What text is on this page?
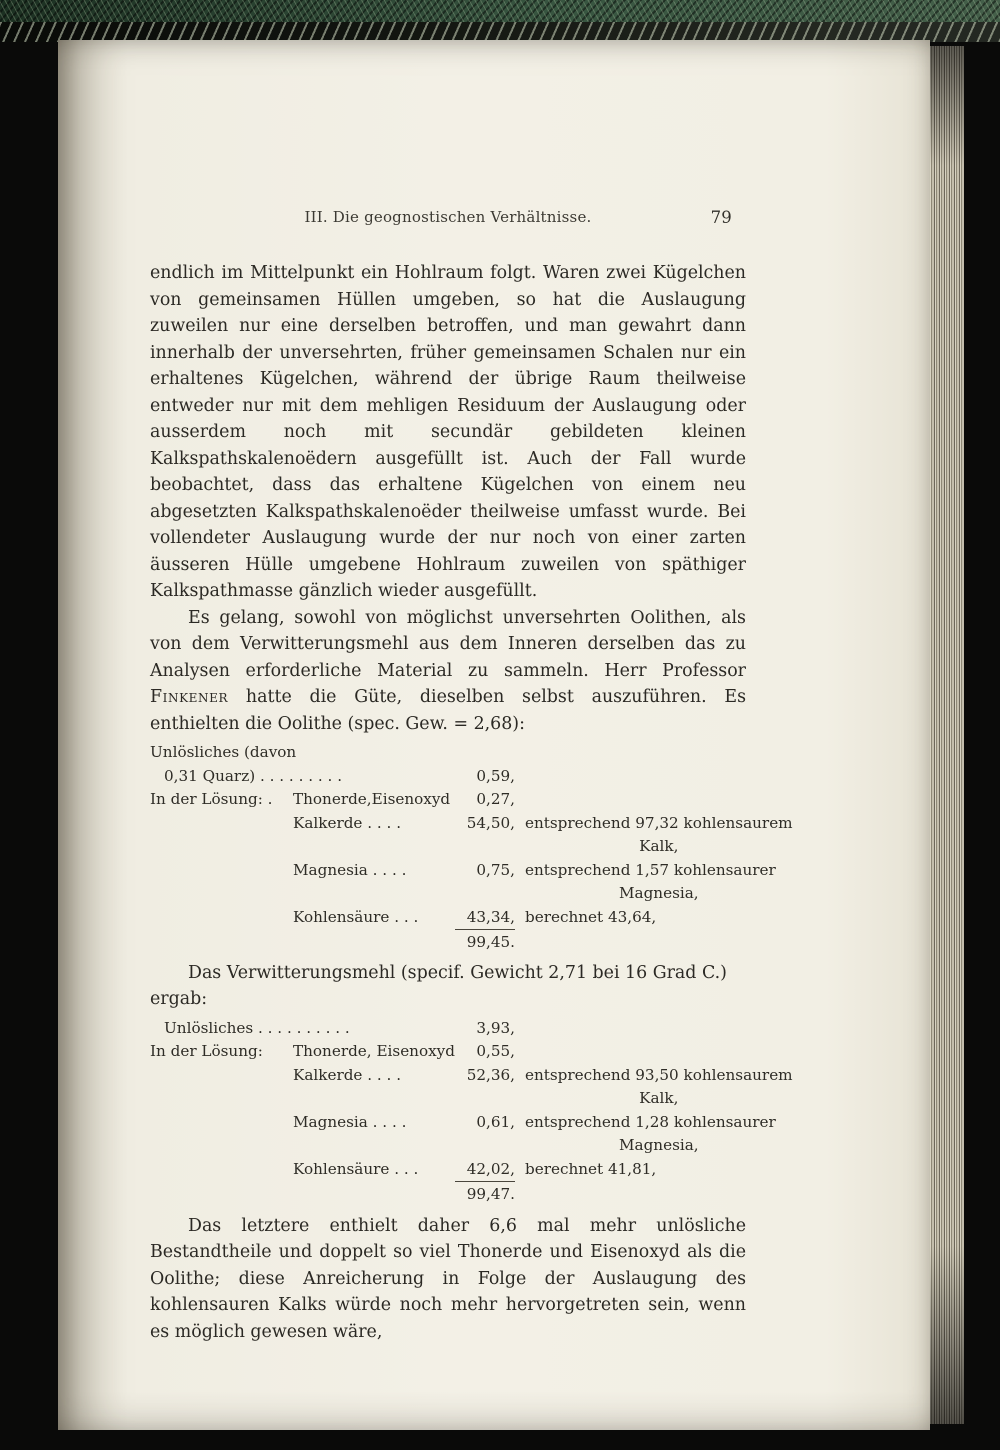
III. Die geognostischen Verhältnisse.	79

endlich im Mittelpunkt ein Hohlraum folgt. Waren zwei Kügelchen von gemeinsamen Hüllen umgeben, so hat die Auslaugung zuweilen nur eine derselben betroffen, und man gewahrt dann innerhalb der unversehrten, früher gemeinsamen Schalen nur ein erhaltenes Kügelchen, während der übrige Raum theilweise entweder nur mit dem mehligen Residuum der Auslaugung oder ausserdem noch mit secundär gebildeten kleinen Kalkspathskalenoëdern ausgefüllt ist. Auch der Fall wurde beobachtet, dass das erhaltene Kügelchen von einem neu abgesetzten Kalkspathskalenoëder theilweise umfasst wurde. Bei vollendeter Auslaugung wurde der nur noch von einer zarten äusseren Hülle umgebene Hohlraum zuweilen von späthiger Kalkspathmasse gänzlich wieder ausgefüllt.

Es gelang, sowohl von möglichst unversehrten Oolithen, als von dem Verwitterungsmehl aus dem Inneren derselben das zu Analysen erforderliche Material zu sammeln. Herr Professor Finkener hatte die Güte, dieselben selbst auszuführen. Es enthielten die Oolithe (spec. Gew. = 2,68):

Unlösliches (davon
0,31 Quarz) . . . . . . . . .	0,59,
In der Lösung: .	Thonerde,Eisenoxyd	0,27,
Kalkerde . . . .	54,50, entsprechend 97,32 kohlensaurem
Kalk,
Magnesia . . . .	0,75, entsprechend 1,57 kohlensaurer
Magnesia,
Kohlensäure . . .	43,34, berechnet 43,64,
99,45.

Das Verwitterungsmehl (specif. Gewicht 2,71 bei 16 Grad C.)
ergab:

Unlösliches . . . . . . . . . .	3,93,
In der Lösung:	Thonerde, Eisenoxyd	0,55,
Kalkerde . . . .	52,36, entsprechend 93,50 kohlensaurem
Kalk,
Magnesia . . . .	0,61, entsprechend 1,28 kohlensaurer
Magnesia,
Kohlensäure . . .	42,02, berechnet 41,81,
99,47.

Das letztere enthielt daher 6,6 mal mehr unlösliche Bestandtheile und doppelt so viel Thonerde und Eisenoxyd als die Oolithe; diese Anreicherung in Folge der Auslaugung des kohlensauren Kalks würde noch mehr hervorgetreten sein, wenn es möglich gewesen wäre,
